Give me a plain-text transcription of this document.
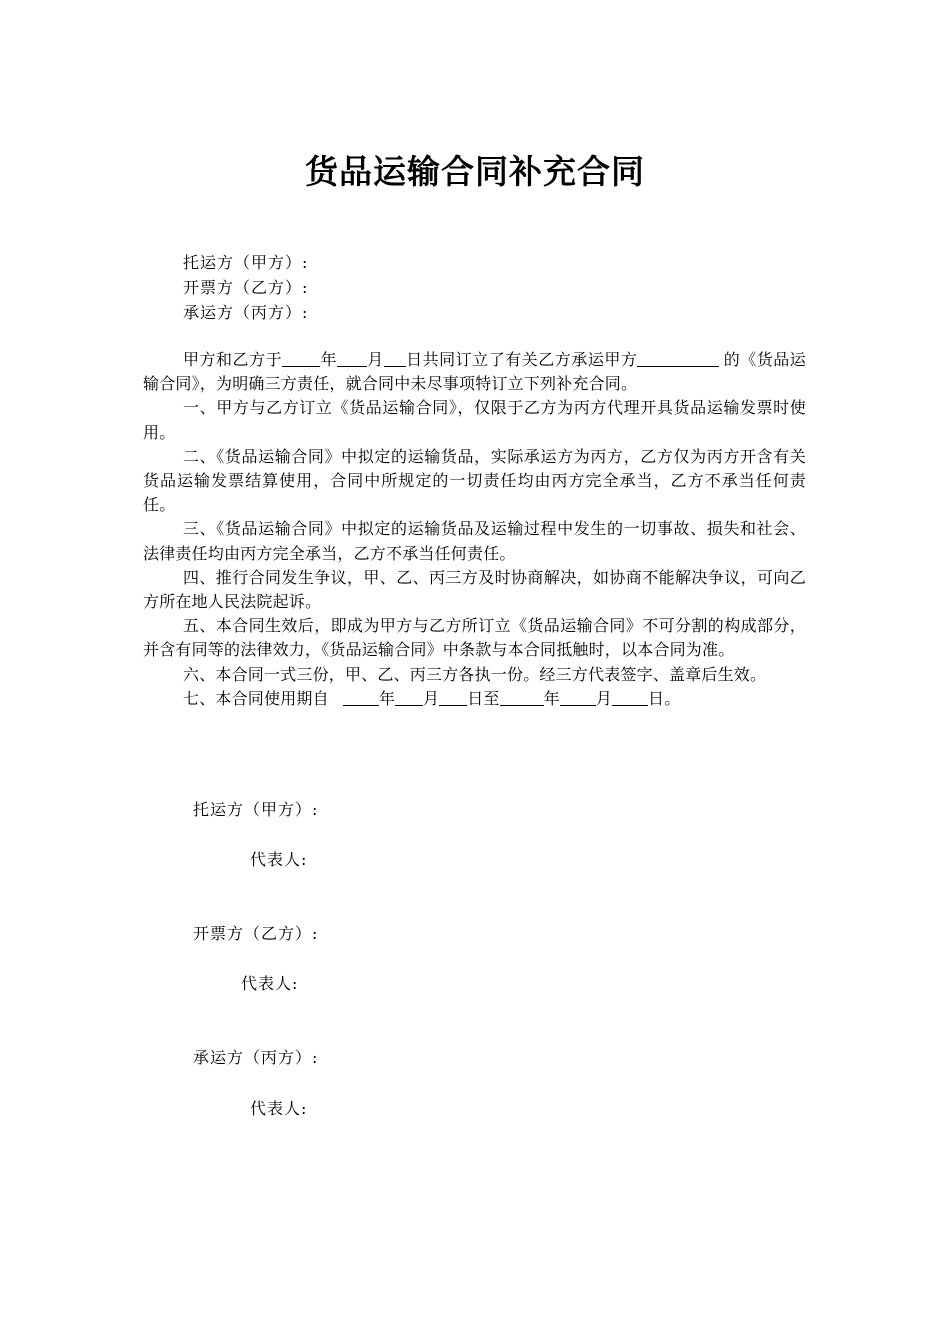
货品运输合同补充合同
托运方（甲方）:
开票方（乙方）:
承运方（丙方）:

甲方和乙方于 年 月 日共同订立了有关乙方承运甲方	的《货品运输合同》，为明确三方责任，就合同中未尽事项特订立下列补充合同。

一、甲方与乙方订立《货品运输合同》，仅限于乙方为丙方代理开具货品运输发票时使用。

二、《货品运输合同》中拟定的运输货品，实际承运方为丙方，乙方仅为丙方开含有关货品运输发票结算使用，合同中所规定的一切责任均由丙方完全承当，乙方不承当任何责任。

三、《货品运输合同》中拟定的运输货品及运输过程中发生的一切事故、损失和社会、法律责任均由丙方完全承当，乙方不承当任何责任。

四、推行合同发生争议，甲、乙、丙三方及时协商解决，如协商不能解决争议，可向乙方所在地人民法院起诉。

五、本合同生效后，即成为甲方与乙方所订立《货品运输合同》不可分割的构成部分，并含有同等的法律效力，《货品运输合同》中条款与本合同抵触时，以本合同为准。

六、本合同一式三份，甲、乙、丙三方各执一份。经三方代表签字、盖章后生效。

七、本合同使用期自	年 月 日至	年 月 日。

托运方（甲方）:
代表人:
开票方（乙方）:
代表人:
承运方（丙方）:
代表人:
